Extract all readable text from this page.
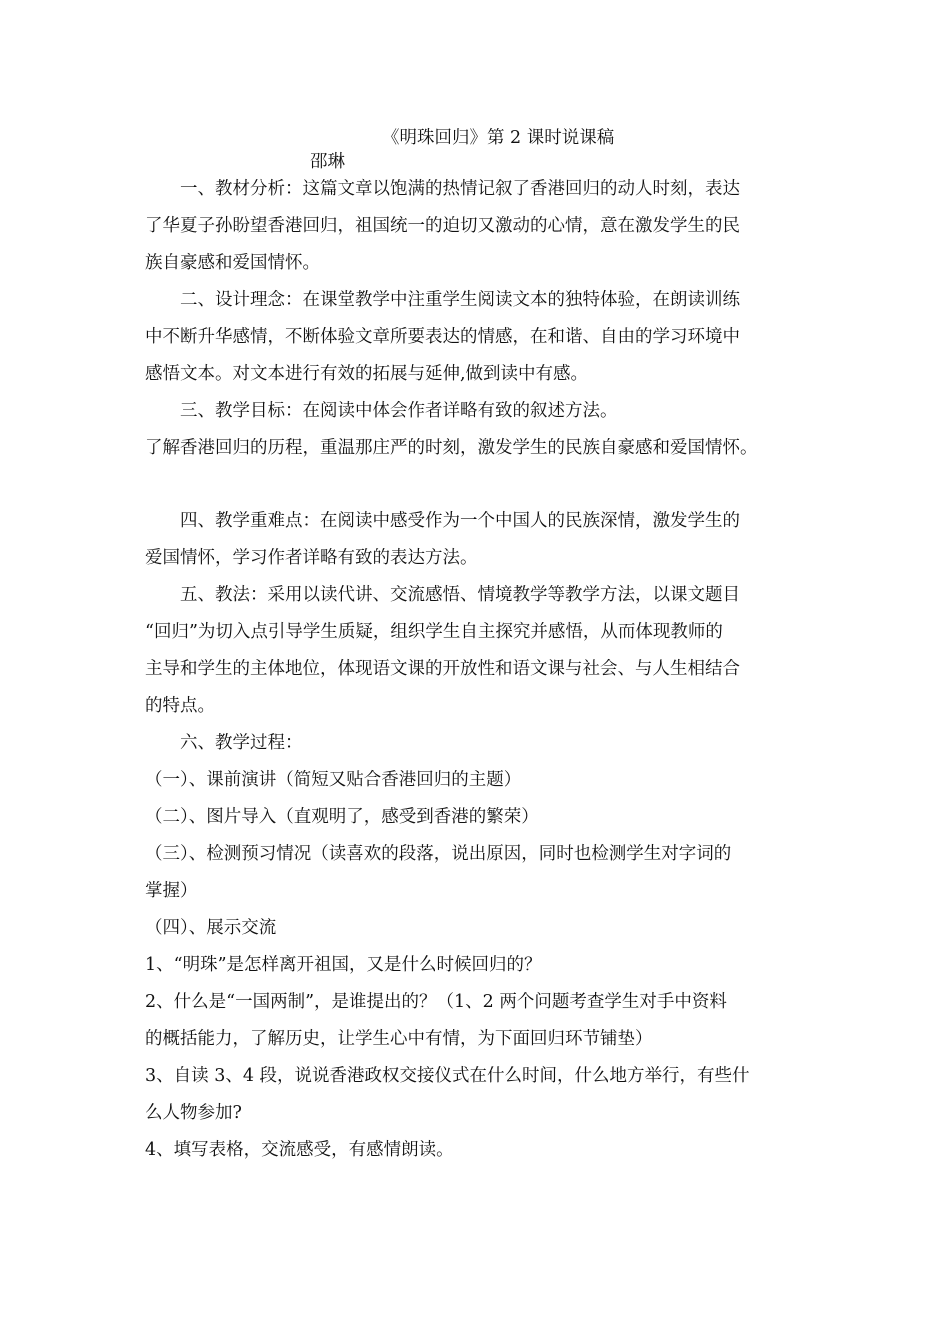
《明珠回归》第 2 课时说课稿
邵琳
一、教材分析：这篇文章以饱满的热情记叙了香港回归的动人时刻，表达
了华夏子孙盼望香港回归，祖国统一的迫切又激动的心情，意在激发学生的民
族自豪感和爱国情怀。
二、设计理念：在课堂教学中注重学生阅读文本的独特体验，在朗读训练
中不断升华感情，不断体验文章所要表达的情感，在和谐、自由的学习环境中
感悟文本。对文本进行有效的拓展与延伸,做到读中有感。
三、教学目标：在阅读中体会作者详略有致的叙述方法。
了解香港回归的历程，重温那庄严的时刻，激发学生的民族自豪感和爱国情怀。
四、教学重难点：在阅读中感受作为一个中国人的民族深情，激发学生的
爱国情怀，学习作者详略有致的表达方法。
五、教法：采用以读代讲、交流感悟、情境教学等教学方法，以课文题目
“回归”为切入点引导学生质疑，组织学生自主探究并感悟，从而体现教师的
主导和学生的主体地位，体现语文课的开放性和语文课与社会、与人生相结合
的特点。
六、教学过程：
（一）、课前演讲（简短又贴合香港回归的主题）
（二）、图片导入（直观明了，感受到香港的繁荣）
（三）、检测预习情况（读喜欢的段落，说出原因，同时也检测学生对字词的
掌握）
（四）、展示交流
1、“明珠”是怎样离开祖国，又是什么时候回归的？
2、什么是“一国两制”，是谁提出的？（1、2 两个问题考查学生对手中资料
的概括能力，了解历史，让学生心中有情，为下面回归环节铺垫）
3、自读 3、4 段，说说香港政权交接仪式在什么时间，什么地方举行，有些什
么人物参加?
4、填写表格，交流感受，有感情朗读。
